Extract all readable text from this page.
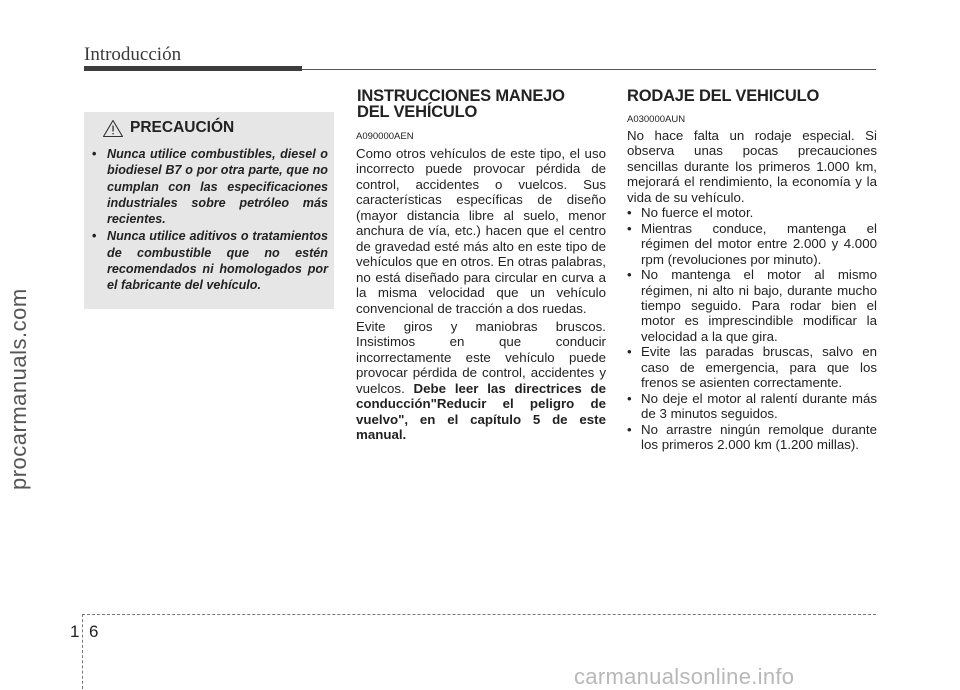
Introducción
procarmanuals.com
PRECAUCIÓN
• Nunca utilice combustibles, diesel o biodiesel B7 o por otra parte, que no cumplan con las especificaciones industriales sobre petróleo más recientes.
• Nunca utilice aditivos o tratamientos de combustible que no estén recomendados ni homologados por el fabricante del vehículo.
INSTRUCCIONES MANEJO
DEL VEHÍCULO
A090000AEN

Como otros vehículos de este tipo, el uso incorrecto puede provocar pérdida de control, accidentes o vuelcos. Sus características específicas de diseño (mayor distancia libre al suelo, menor anchura de vía, etc.) hacen que el centro de gravedad esté más alto en este tipo de vehículos que en otros. En otras palabras, no está diseñado para circular en curva a la misma velocidad que un vehículo convencional de tracción a dos ruedas.

Evite giros y maniobras bruscos. Insistimos en que conducir incorrectamente este vehículo puede provocar pérdida de control, accidentes y vuelcos. Debe leer las directrices de conducción"Reducir el peligro de vuelvo", en el capítulo 5 de este manual.

RODAJE DEL VEHICULO
A030000AUN

No hace falta un rodaje especial. Si observa unas pocas precauciones sencillas durante los primeros 1.000 km, mejorará el rendimiento, la economía y la vida de su vehículo.

• No fuerce el motor.
• Mientras conduce, mantenga el régimen del motor entre 2.000 y 4.000 rpm (revoluciones por minuto).
• No mantenga el motor al mismo régimen, ni alto ni bajo, durante mucho tiempo seguido. Para rodar bien el motor es imprescindible modificar la velocidad a la que gira.
• Evite las paradas bruscas, salvo en caso de emergencia, para que los frenos se asienten correctamente.
• No deje el motor al ralentí durante más de 3 minutos seguidos.
• No arrastre ningún remolque durante los primeros 2.000 km (1.200 millas).
1 6
carmanualsonline.info
